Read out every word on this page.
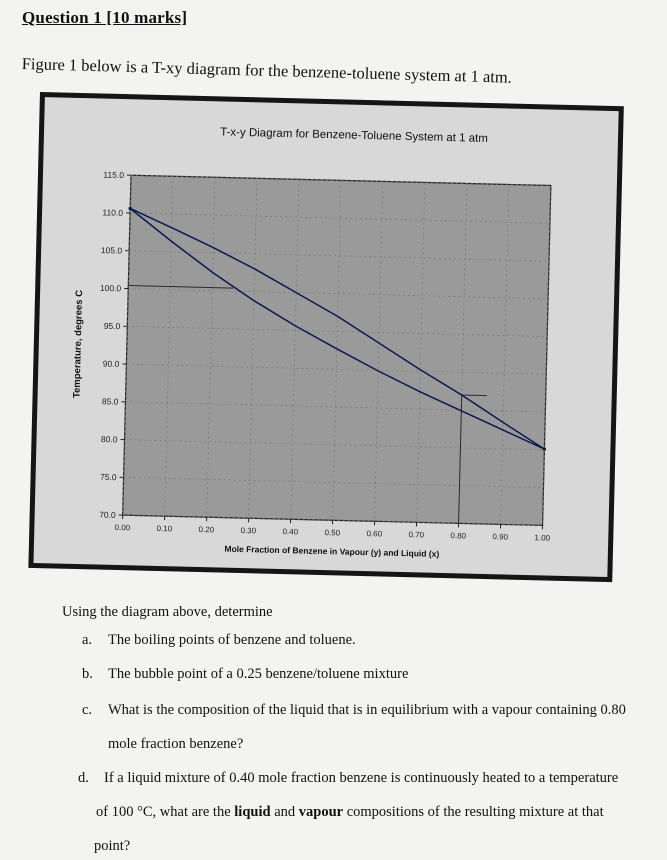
Question 1 [10 marks]
Figure 1 below is a T-xy diagram for the benzene-toluene system at 1 atm.
T-x-y Diagram for Benzene-Toluene System at 1 atm
70.0
75.0
80.0
85.0
90.0
95.0
100.0
105.0
110.0
115.0
0.00	0.10	0.20	0.30	0.40	0.50	0.60	0.70	0.80	0.90	1.00
Temperature, degrees C
Mole Fraction of Benzene in Vapour (y) and Liquid (x)
Using the diagram above, determine
a. The boiling points of benzene and toluene.
b. The bubble point of a 0.25 benzene/toluene mixture
c. What is the composition of the liquid that is in equilibrium with a vapour containing 0.80
mole fraction benzene?
d. If a liquid mixture of 0.40 mole fraction benzene is continuously heated to a temperature
of 100 °C, what are the liquid and vapour compositions of the resulting mixture at that
point?
